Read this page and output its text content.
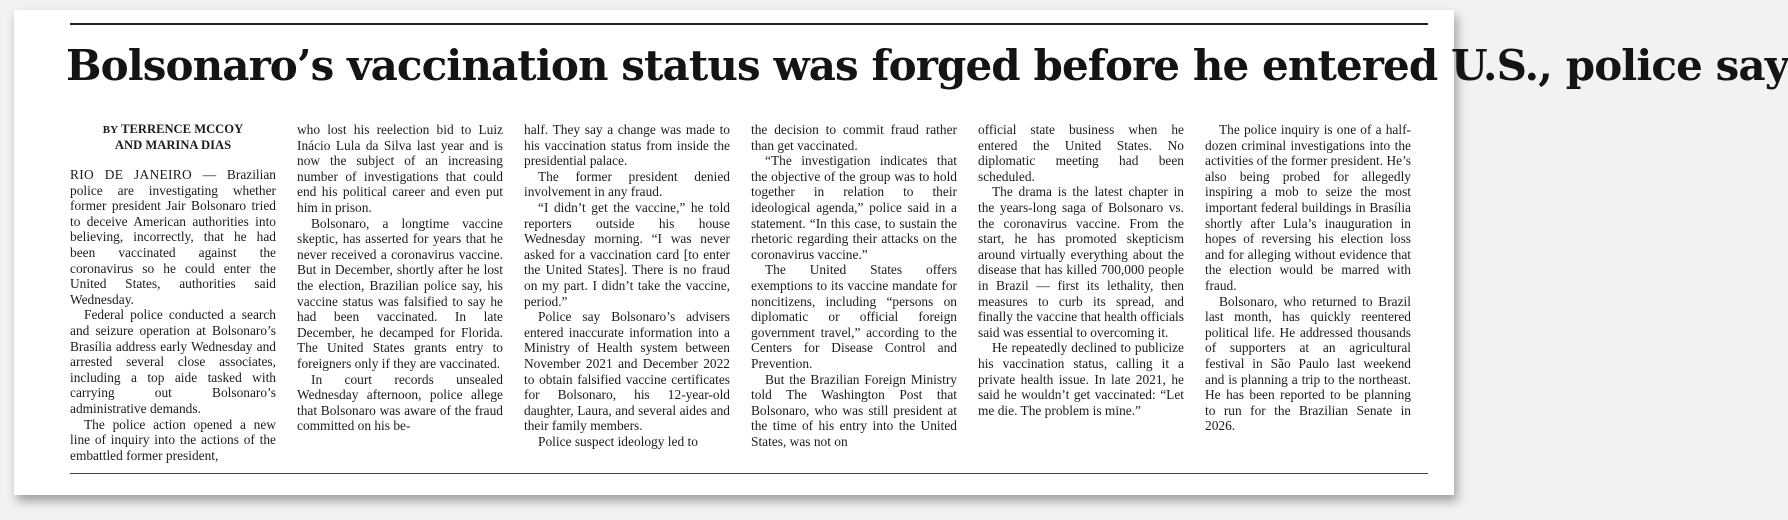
Bolsonaro’s vaccination status was forged before he entered U.S., police say
BY TERRENCE MCCOY
AND MARINA DIAS

RIO DE JANEIRO — Brazilian police are investigating whether former president Jair Bolsonaro tried to deceive American authorities into believing, incorrectly, that he had been vaccinated against the coronavirus so he could enter the United States, authorities said Wednesday.

Federal police conducted a search and seizure operation at Bolsonaro’s Brasília address early Wednesday and arrested several close associates, including a top aide tasked with carrying out Bolsonaro’s administrative demands.

The police action opened a new line of inquiry into the actions of the embattled former president,

who lost his reelection bid to Luiz Inácio Lula da Silva last year and is now the subject of an increasing number of investigations that could end his political career and even put him in prison.

Bolsonaro, a longtime vaccine skeptic, has asserted for years that he never received a coronavirus vaccine. But in December, shortly after he lost the election, Brazilian police say, his vaccine status was falsified to say he had been vaccinated. In late December, he decamped for Florida. The United States grants entry to foreigners only if they are vaccinated.

In court records unsealed Wednesday afternoon, police allege that Bolsonaro was aware of the fraud committed on his be-

half. They say a change was made to his vaccination status from inside the presidential palace.

The former president denied involvement in any fraud.

“I didn’t get the vaccine,” he told reporters outside his house Wednesday morning. “I was never asked for a vaccination card [to enter the United States]. There is no fraud on my part. I didn’t take the vaccine, period.”

Police say Bolsonaro’s advisers entered inaccurate information into a Ministry of Health system between November 2021 and December 2022 to obtain falsified vaccine certificates for Bolsonaro, his 12-year-old daughter, Laura, and several aides and their family members.

Police suspect ideology led to

the decision to commit fraud rather than get vaccinated.

“The investigation indicates that the objective of the group was to hold together in relation to their ideological agenda,” police said in a statement. “In this case, to sustain the rhetoric regarding their attacks on the coronavirus vaccine.”

The United States offers exemptions to its vaccine mandate for noncitizens, including “persons on diplomatic or official foreign government travel,” according to the Centers for Disease Control and Prevention.

But the Brazilian Foreign Ministry told The Washington Post that Bolsonaro, who was still president at the time of his entry into the United States, was not on

official state business when he entered the United States. No diplomatic meeting had been scheduled.

The drama is the latest chapter in the years-long saga of Bolsonaro vs. the coronavirus vaccine. From the start, he has promoted skepticism around virtually everything about the disease that has killed 700,000 people in Brazil — first its lethality, then measures to curb its spread, and finally the vaccine that health officials said was essential to overcoming it.

He repeatedly declined to publicize his vaccination status, calling it a private health issue. In late 2021, he said he wouldn’t get vaccinated: “Let me die. The problem is mine.”

The police inquiry is one of a half-dozen criminal investigations into the activities of the former president. He’s also being probed for allegedly inspiring a mob to seize the most important federal buildings in Brasília shortly after Lula’s inauguration in hopes of reversing his election loss and for alleging without evidence that the election would be marred with fraud.

Bolsonaro, who returned to Brazil last month, has quickly reentered political life. He addressed thousands of supporters at an agricultural festival in São Paulo last weekend and is planning a trip to the northeast. He has been reported to be planning to run for the Brazilian Senate in 2026.
